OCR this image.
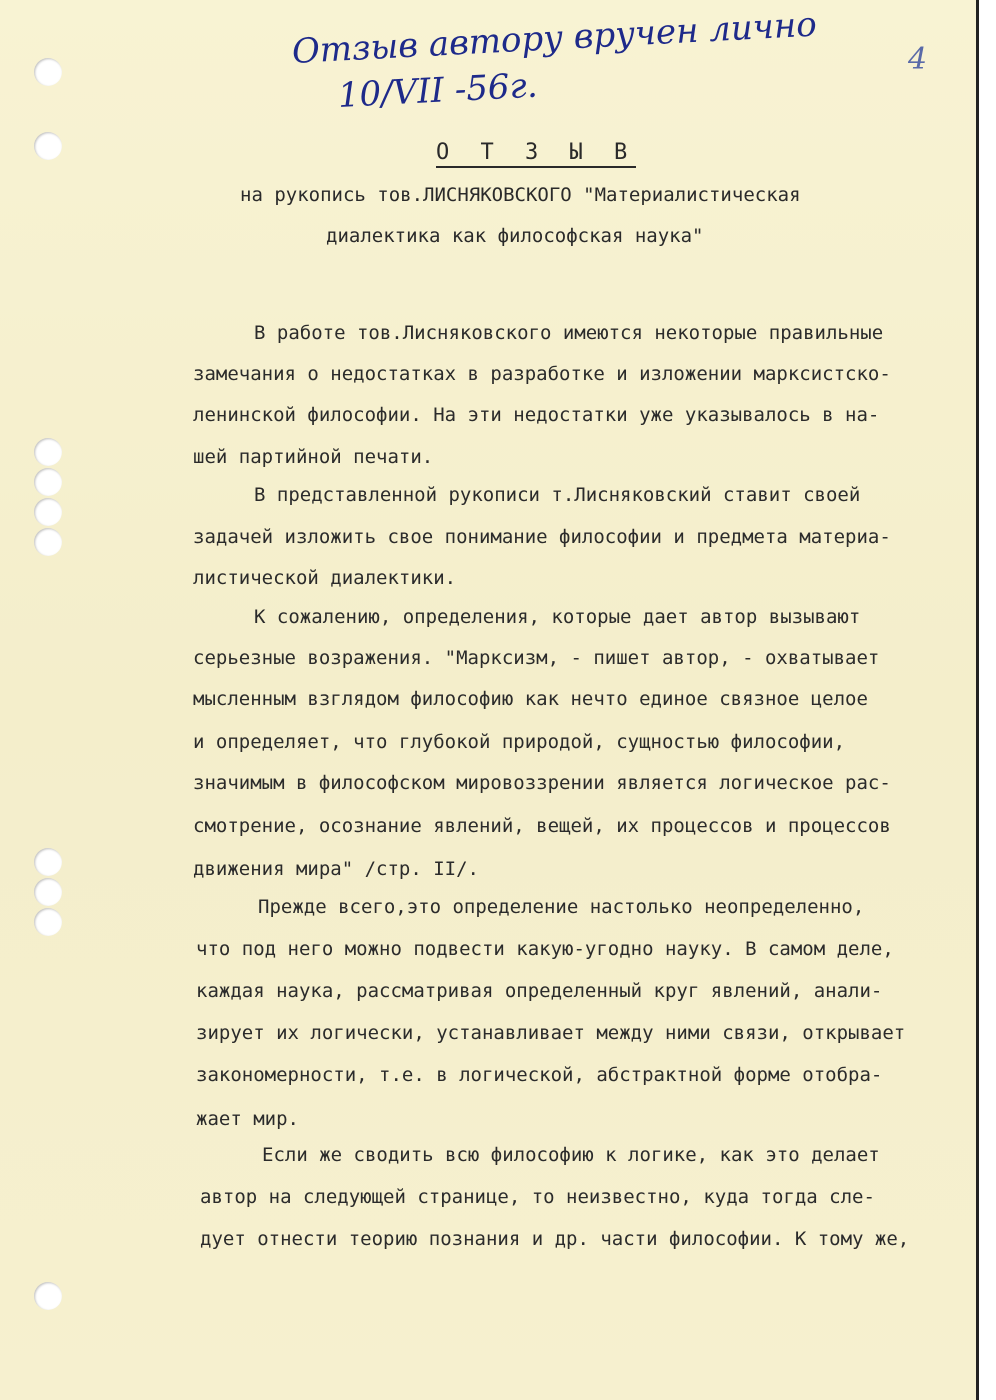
Отзыв автору вручен лично
10/VII -56г.
4
О Т З Ы В
на рукопись тов.ЛИСНЯКОВСКОГО "Материалистическая
диалектика как философская наука"
В работе тов.Лисняковского имеются некоторые правильные
замечания о недостатках в разработке и изложении марксистско-
ленинской философии. На эти недостатки уже указывалось в на-
шей партийной печати.
В представленной рукописи т.Лисняковский ставит своей
задачей изложить свое понимание философии и предмета материа-
листической диалектики.
К сожалению, определения, которые дает автор вызывают
серьезные возражения. "Марксизм, - пишет автор, - охватывает
мысленным взглядом философию как нечто единое связное целое
и определяет, что глубокой природой, сущностью философии,
значимым в философском мировоззрении является логическое рас-
смотрение, осознание явлений, вещей, их процессов и процессов
движения мира" /стр. II/.
Прежде всего,это определение настолько неопределенно,
что под него можно подвести какую-угодно науку. В самом деле,
каждая наука, рассматривая определенный круг явлений, анали-
зирует их логически, устанавливает между ними связи, открывает
закономерности, т.е. в логической, абстрактной форме отобра-
жает мир.
Если же сводить всю философию к логике, как это делает
автор на следующей странице, то неизвестно, куда тогда сле-
дует отнести теорию познания и др. части философии. К тому же,
